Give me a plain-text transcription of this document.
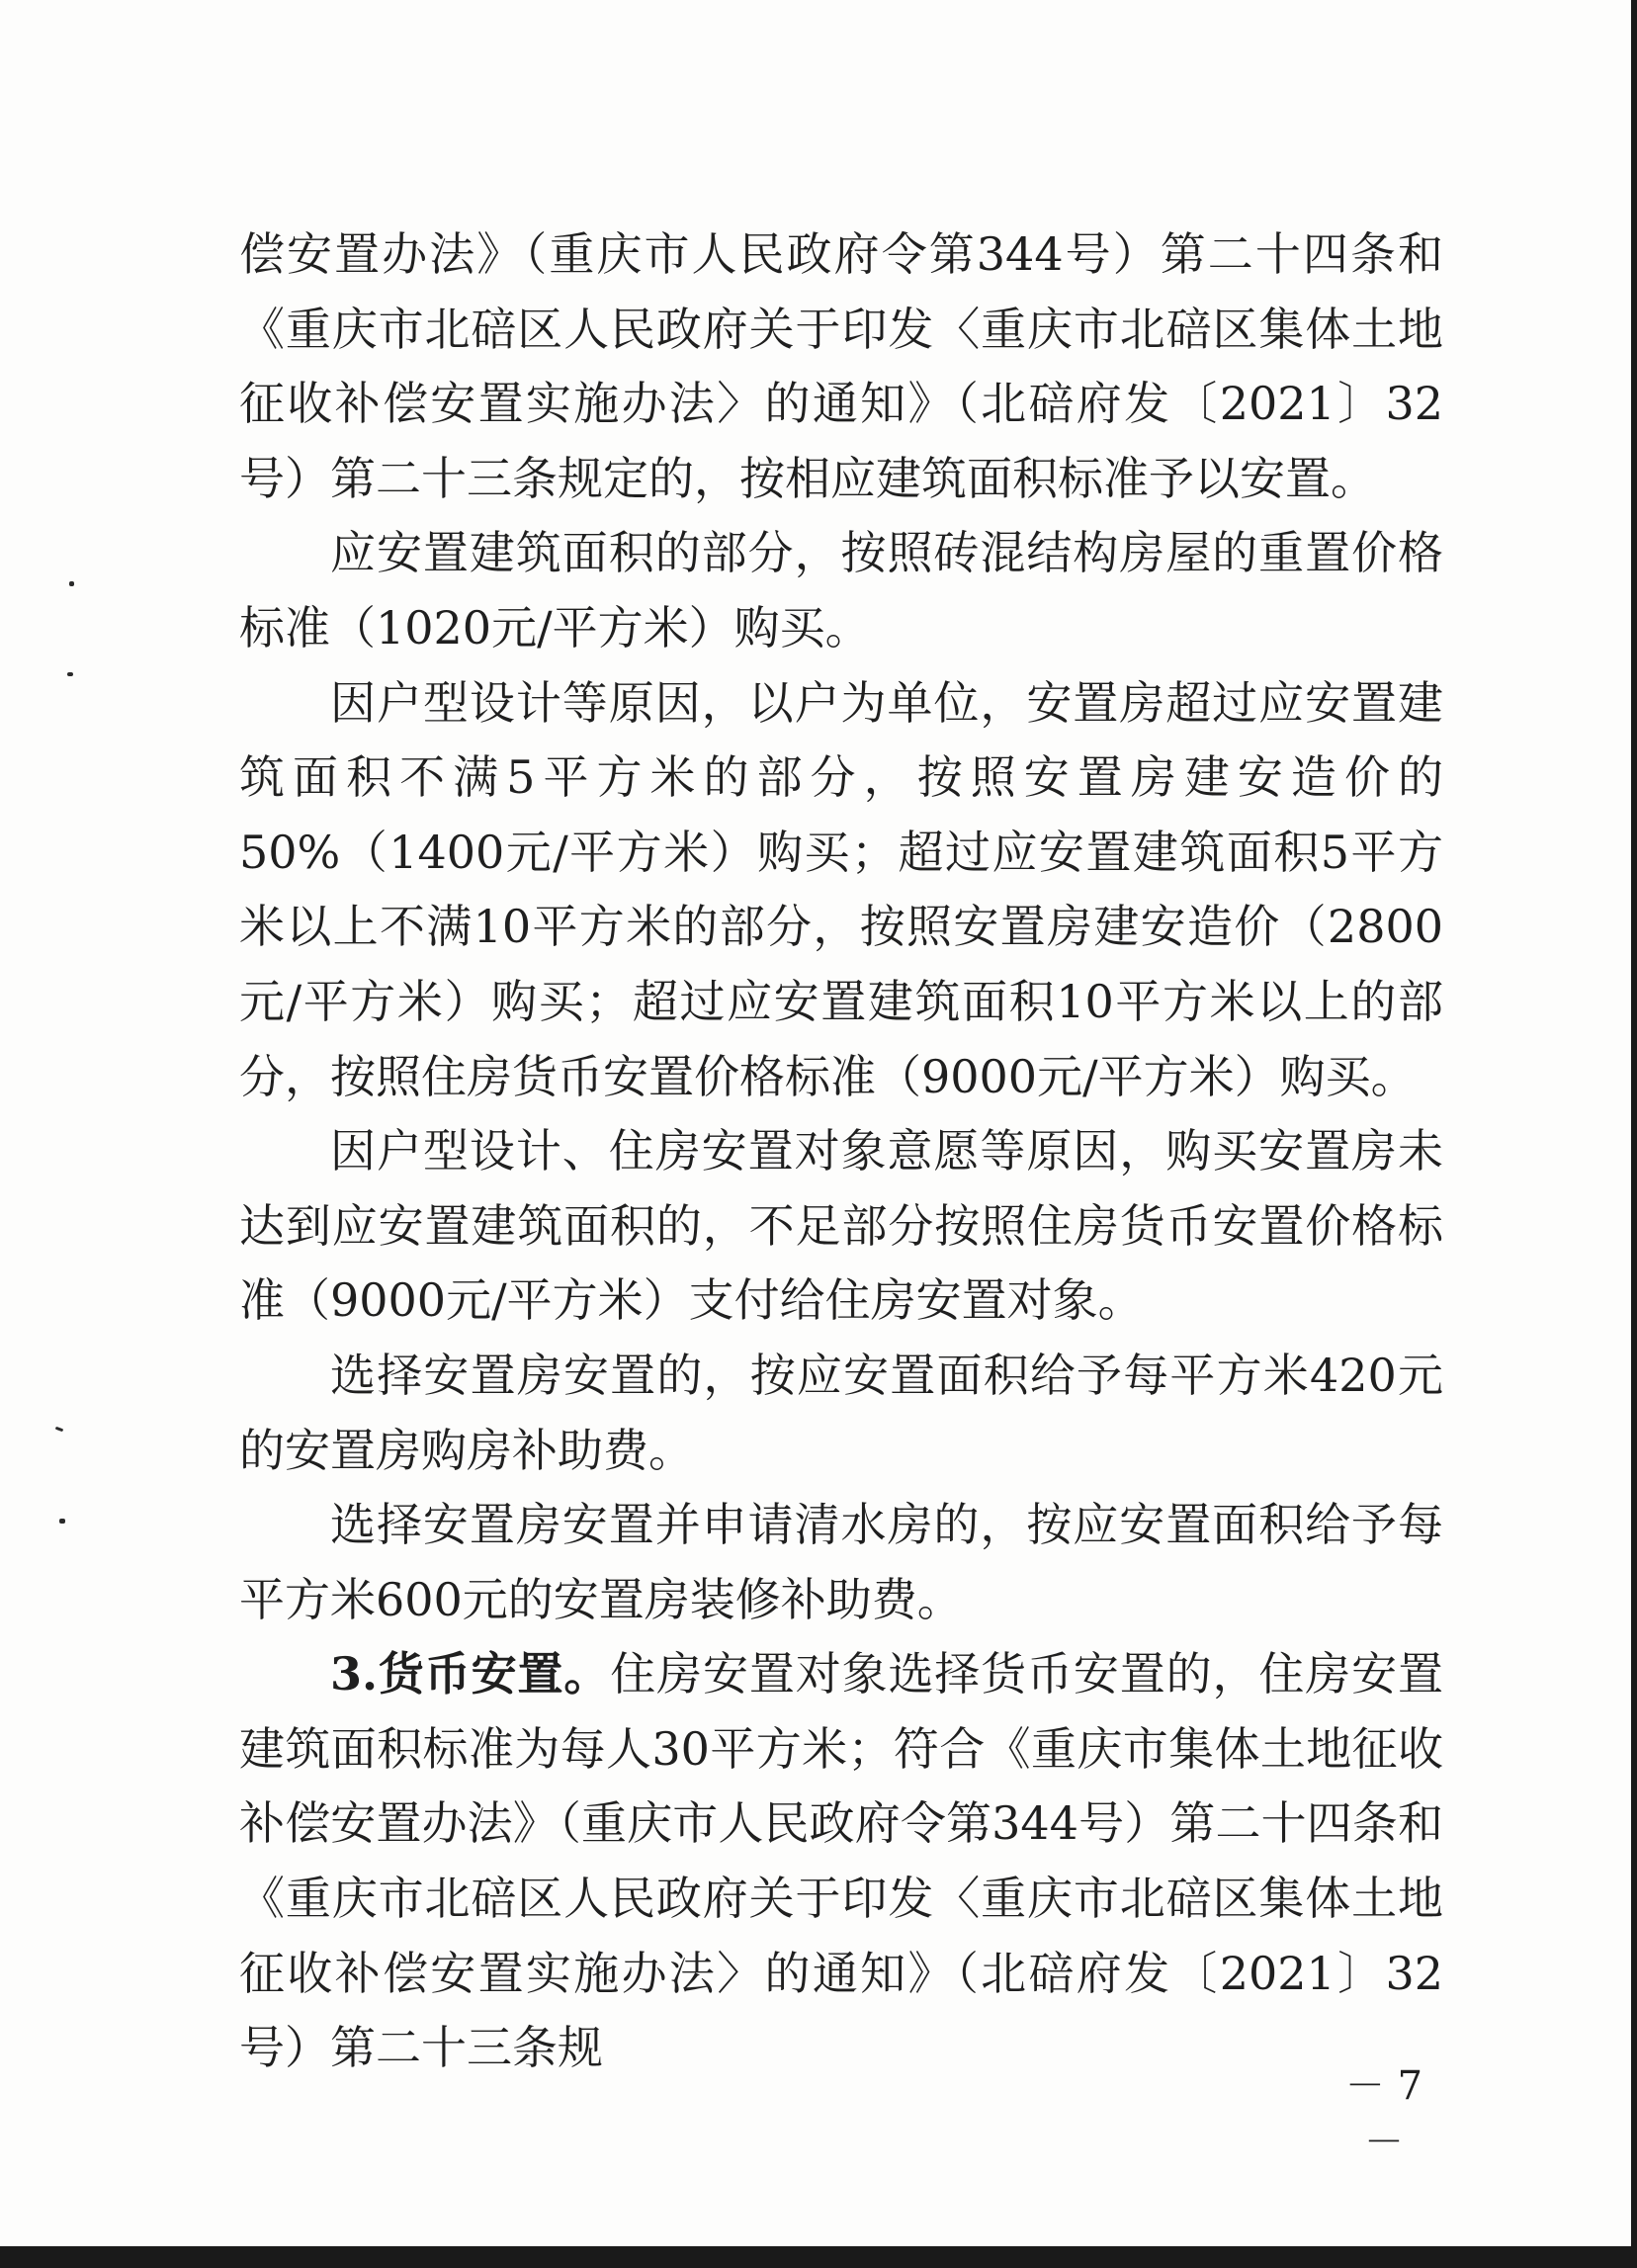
偿安置办法》（重庆市人民政府令第344号）第二十四条和《重庆市北碚区人民政府关于印发〈重庆市北碚区集体土地征收补偿安置实施办法〉的通知》（北碚府发〔2021〕32号）第二十三条规定的，按相应建筑面积标准予以安置。

应安置建筑面积的部分，按照砖混结构房屋的重置价格标准（1020元/平方米）购买。

因户型设计等原因，以户为单位，安置房超过应安置建筑面积不满5平方米的部分，按照安置房建安造价的50%（1400元/平方米）购买；超过应安置建筑面积5平方米以上不满10平方米的部分，按照安置房建安造价（2800元/平方米）购买；超过应安置建筑面积10平方米以上的部分，按照住房货币安置价格标准（9000元/平方米）购买。

因户型设计、住房安置对象意愿等原因，购买安置房未达到应安置建筑面积的，不足部分按照住房货币安置价格标准（9000元/平方米）支付给住房安置对象。

选择安置房安置的，按应安置面积给予每平方米420元的安置房购房补助费。

选择安置房安置并申请清水房的，按应安置面积给予每平方米600元的安置房装修补助费。

3.货币安置。住房安置对象选择货币安置的，住房安置建筑面积标准为每人30平方米；符合《重庆市集体土地征收补偿安置办法》（重庆市人民政府令第344号）第二十四条和《重庆市北碚区人民政府关于印发〈重庆市北碚区集体土地征收补偿安置实施办法〉的通知》（北碚府发〔2021〕32号）第二十三条规

－ 7 －
